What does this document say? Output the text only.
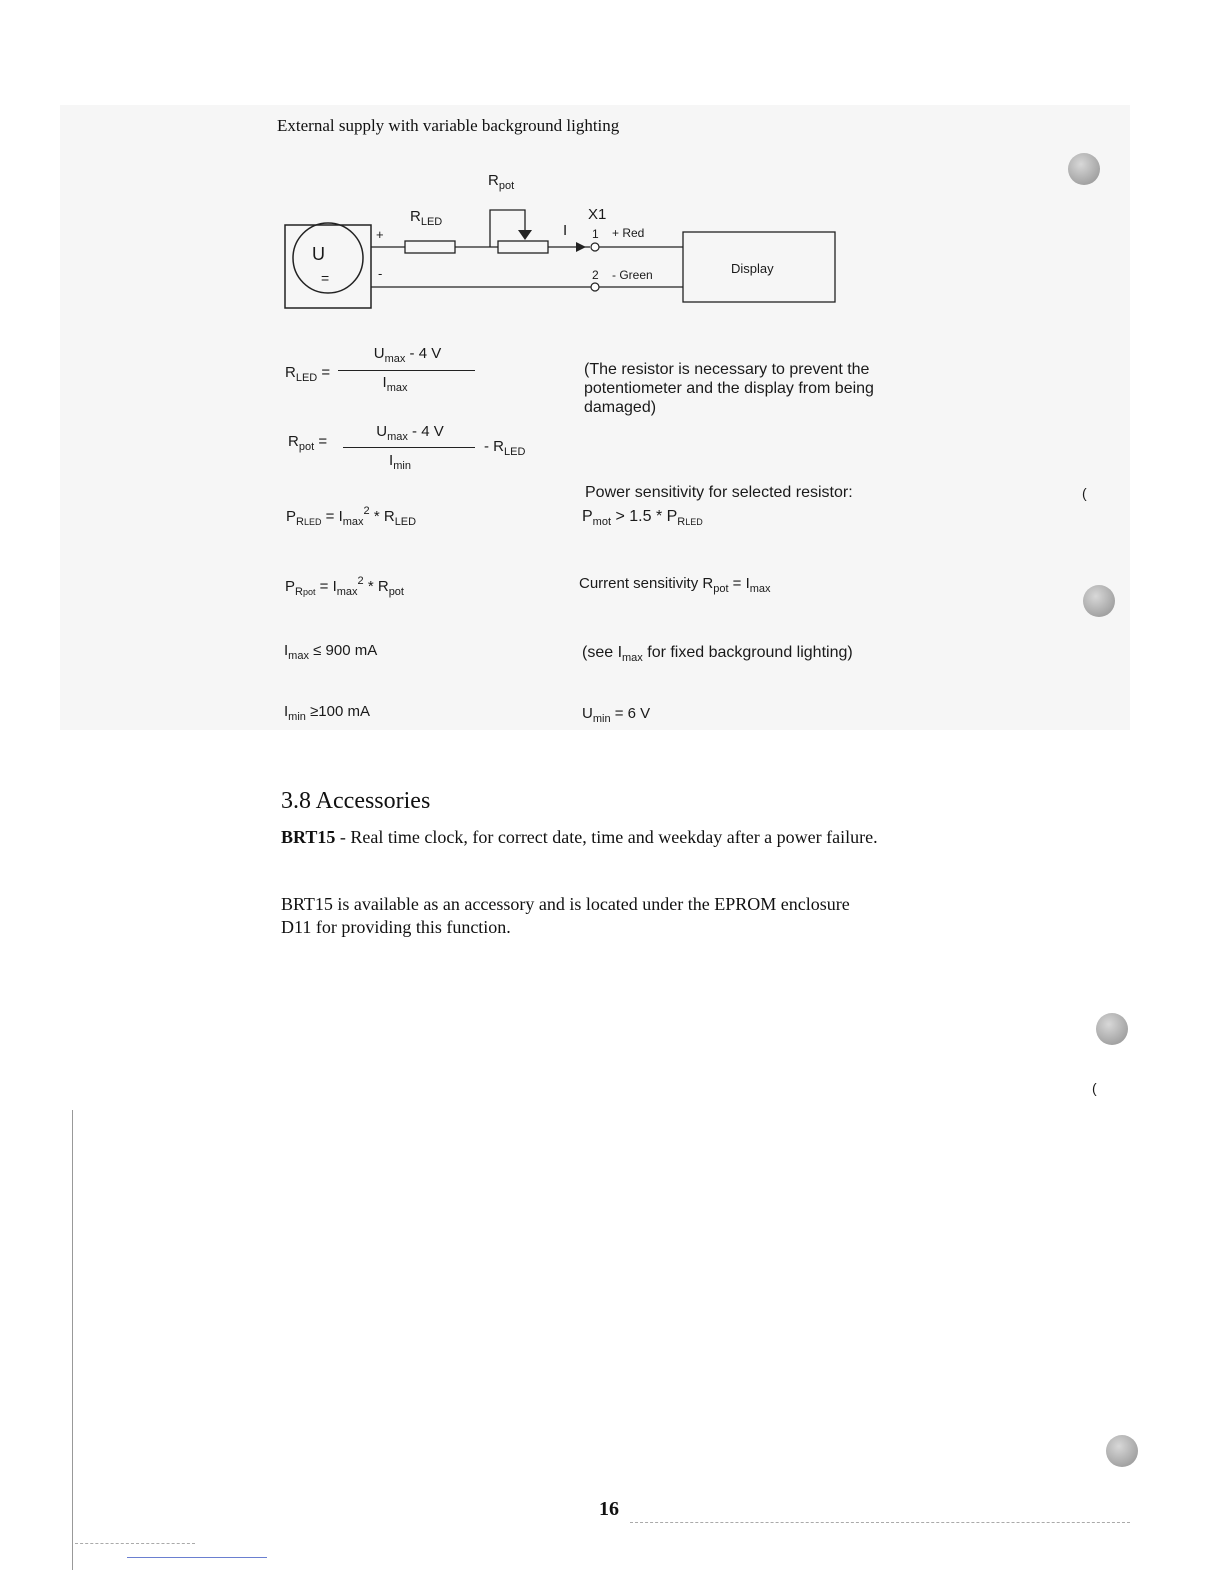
(
(
External supply with variable background lighting
U
=
+
-
$R_{LED}$
$R_{pot}$
I
X1
1 + Red
2 - Green	Display
$R_{LED}$ =
$U_{max} - 4$ V
$I_{max}$
$R_{pot}$ =
$U_{max} - 4$ V
$I_{min}$
- $R_{LED}$
$P_{RLED} = I_{max}^2 * R_{LED}$
$P_{Rpot} = I_{max}^2 * R_{pot}$
$I_{max} \le 900$ mA
$I_{min} \ge 100$ mA
(The resistor is necessary to prevent the
potentiometer and the display from being
damaged)
Power sensitivity for selected resistor:
$P_{mot} > 1.5 * P_{RLED}$
Current sensitivity $R_{pot} = I_{max}$
(see $I_{max}$ for fixed background lighting)
$U_{min} = 6$ V
3.8 Accessories
BRT15 - Real time clock, for correct date, time and weekday after a power failure.
BRT15 is available as an accessory and is located under the EPROM enclosure D11 for providing this function.
16
